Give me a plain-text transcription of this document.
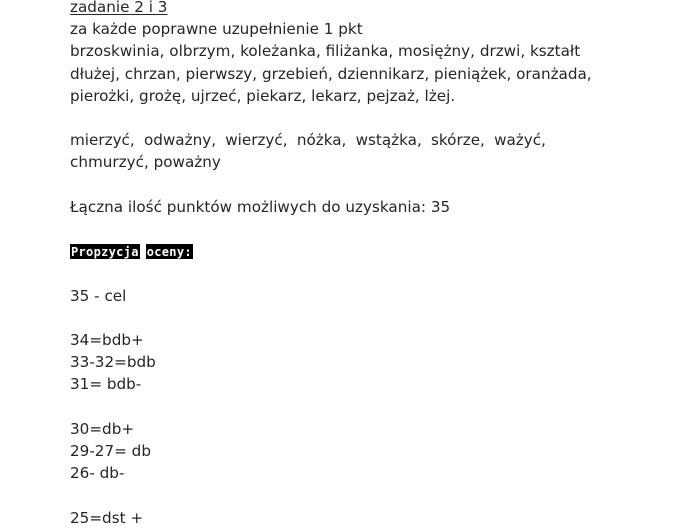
zadanie 2 i 3
za każde poprawne uzupełnienie 1 pkt
brzoskwinia, olbrzym, koleżanka, filiżanka, mosiężny, drzwi, kształt
dłużej, chrzan, pierwszy, grzebień, dziennikarz, pieniążek, oranżada,
pierożki, grożę, ujrzeć, piekarz, lekarz, pejzaż, lżej.
mierzyć, odważny, wierzyć, nóżka, wstążka, skórze, ważyć,
chmurzyć, poważny
Łączna ilość punktów możliwych do uzyskania: 35
Propzycja oceny:
35 - cel
34=bdb+
33-32=bdb
31= bdb-
30=db+
29-27= db
26- db-
25=dst +
